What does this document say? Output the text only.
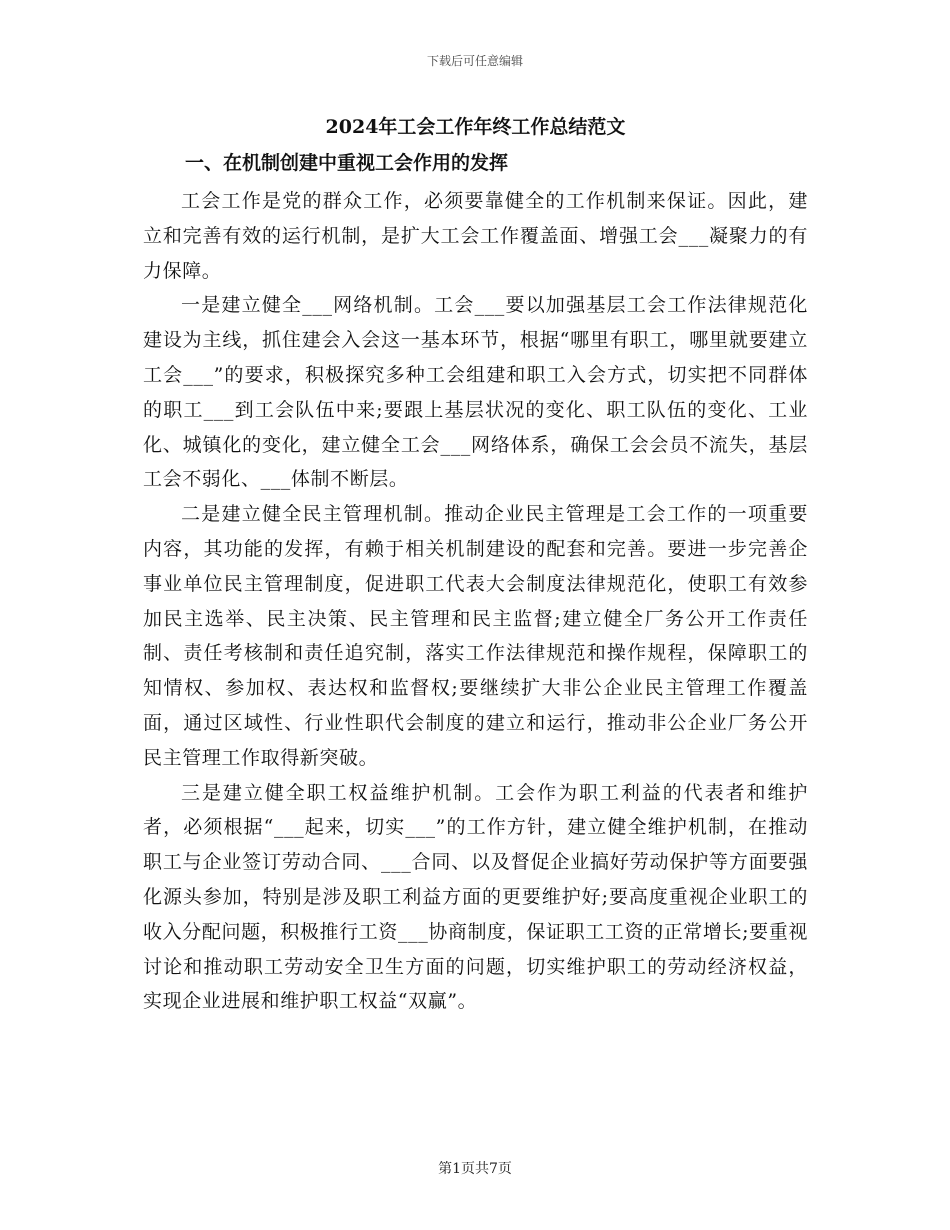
下载后可任意编辑
2024年工会工作年终工作总结范文
一、在机制创建中重视工会作用的发挥

工会工作是党的群众工作，必须要靠健全的工作机制来保证。因此，建立和完善有效的运行机制，是扩大工会工作覆盖面、增强工会___凝聚力的有力保障。

一是建立健全___网络机制。工会___要以加强基层工会工作法律规范化建设为主线，抓住建会入会这一基本环节，根据“哪里有职工，哪里就要建立工会___”的要求，积极探究多种工会组建和职工入会方式，切实把不同群体的职工___到工会队伍中来;要跟上基层状况的变化、职工队伍的变化、工业化、城镇化的变化，建立健全工会___网络体系，确保工会会员不流失，基层工会不弱化、___体制不断层。

二是建立健全民主管理机制。推动企业民主管理是工会工作的一项重要内容，其功能的发挥，有赖于相关机制建设的配套和完善。要进一步完善企事业单位民主管理制度，促进职工代表大会制度法律规范化，使职工有效参加民主选举、民主决策、民主管理和民主监督;建立健全厂务公开工作责任制、责任考核制和责任追究制，落实工作法律规范和操作规程，保障职工的知情权、参加权、表达权和监督权;要继续扩大非公企业民主管理工作覆盖面，通过区域性、行业性职代会制度的建立和运行，推动非公企业厂务公开民主管理工作取得新突破。

三是建立健全职工权益维护机制。工会作为职工利益的代表者和维护者，必须根据“___起来，切实___”的工作方针，建立健全维护机制，在推动职工与企业签订劳动合同、___合同、以及督促企业搞好劳动保护等方面要强化源头参加，特别是涉及职工利益方面的更要维护好;要高度重视企业职工的收入分配问题，积极推行工资___协商制度，保证职工工资的正常增长;要重视讨论和推动职工劳动安全卫生方面的问题，切实维护职工的劳动经济权益，实现企业进展和维护职工权益“双赢”。

第1页共7页
